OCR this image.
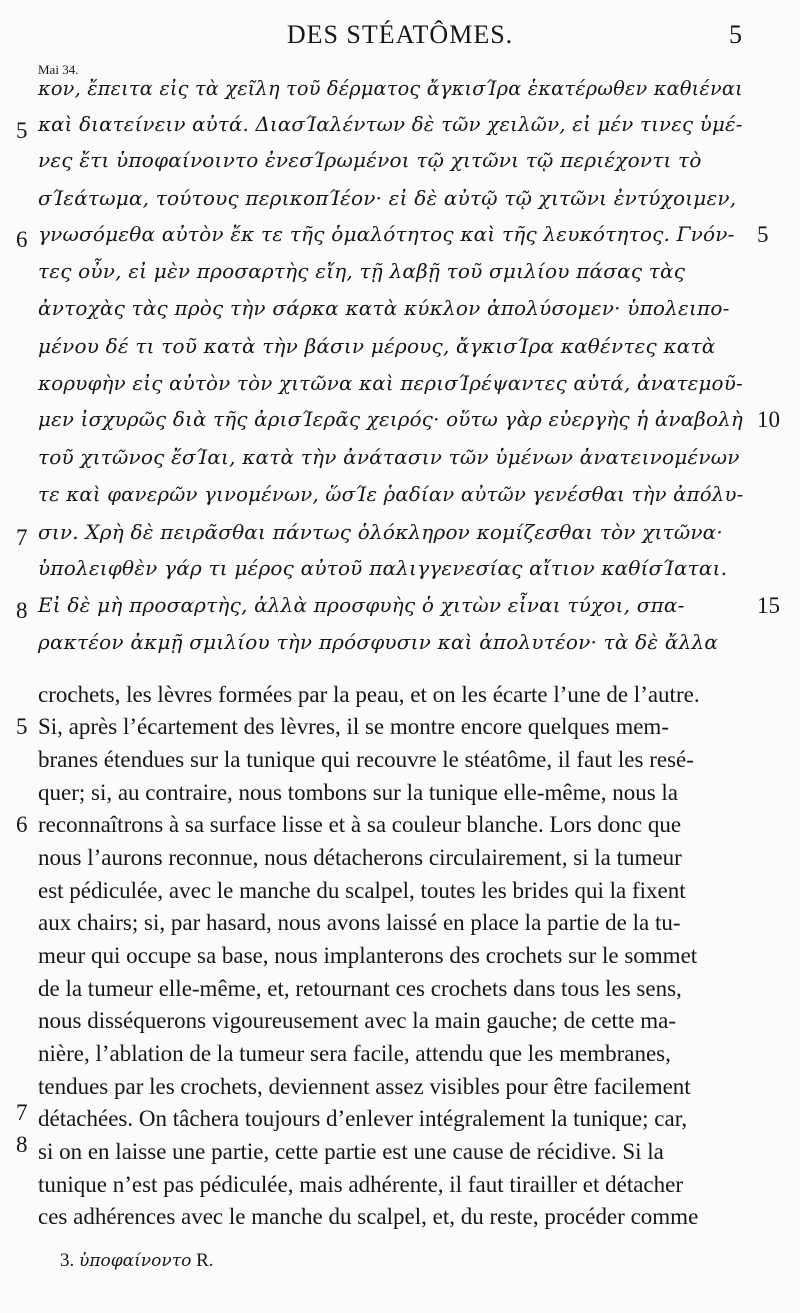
DES STÉATÔMES.	5
Mai 34.
κον, ἔπειτα εἰς τὰ χεῖλη τοῦ δέρματος ἄγκισΊρα ἑκατέρωθεν καθιέναι
καὶ διατείνειν αὐτά. ΔιασΊαλέντων δὲ τῶν χειλῶν, εἰ μέν τινες ὑμέ-
νες ἔτι ὑποφαίνοιντο ἐνεσΊρωμένοι τῷ χιτῶνι τῷ περιέχοντι τὸ
σΊεάτωμα, τούτους περικοπΊέον· εἰ δὲ αὐτῷ τῷ χιτῶνι ἐντύχοιμεν,
γνωσόμεθα αὐτὸν ἔκ τε τῆς ὁμαλότητος καὶ τῆς λευκότητος. Γνόν-
τες οὖν, εἰ μὲν προσαρτὴς εἴη, τῇ λαβῇ τοῦ σμιλίου πάσας τὰς
ἀντοχὰς τὰς πρὸς τὴν σάρκα κατὰ κύκλον ἀπολύσομεν· ὑπολειπο-
μένου δέ τι τοῦ κατὰ τὴν βάσιν μέρους, ἄγκισΊρα καθέντες κατὰ
κορυφὴν εἰς αὐτὸν τὸν χιτῶνα καὶ περισΊρέψαντες αὐτά, ἀνατεμοῦ-
μεν ἰσχυρῶς διὰ τῆς ἀρισΊερᾶς χειρός· οὕτω γὰρ εὐεργὴς ἡ ἀναβολὴ
τοῦ χιτῶνος ἔσΊαι, κατὰ τὴν ἀνάτασιν τῶν ὑμένων ἀνατεινομένων
τε καὶ φανερῶν γινομένων, ὥσΊε ῥαδίαν αὐτῶν γενέσθαι τὴν ἀπόλυ-
σιν. Χρὴ δὲ πειρᾶσθαι πάντως ὁλόκληρον κομίζεσθαι τὸν χιτῶνα·
ὑπολειφθὲν γάρ τι μέρος αὐτοῦ παλιγγενεσίας αἴτιον καθίσΊαται.
Εἰ δὲ μὴ προσαρτὴς, ἀλλὰ προσφυὴς ὁ χιτὼν εἶναι τύχοι, σπα-
ρακτέον ἀκμῇ σμιλίου τὴν πρόσφυσιν καὶ ἀπολυτέον· τὰ δὲ ἄλλα
5
6
7
8
5
10
15
crochets, les lèvres formées par la peau, et on les écarte l’une de l’autre.
Si, après l’écartement des lèvres, il se montre encore quelques mem-
branes étendues sur la tunique qui recouvre le stéatôme, il faut les resé-
quer; si, au contraire, nous tombons sur la tunique elle-même, nous la
reconnaîtrons à sa surface lisse et à sa couleur blanche. Lors donc que
nous l’aurons reconnue, nous détacherons circulairement, si la tumeur
est pédiculée, avec le manche du scalpel, toutes les brides qui la fixent
aux chairs; si, par hasard, nous avons laissé en place la partie de la tu-
meur qui occupe sa base, nous implanterons des crochets sur le sommet
de la tumeur elle-même, et, retournant ces crochets dans tous les sens,
nous disséquerons vigoureusement avec la main gauche; de cette ma-
nière, l’ablation de la tumeur sera facile, attendu que les membranes,
tendues par les crochets, deviennent assez visibles pour être facilement
détachées. On tâchera toujours d’enlever intégralement la tunique; car,
si on en laisse une partie, cette partie est une cause de récidive. Si la
tunique n’est pas pédiculée, mais adhérente, il faut tirailler et détacher
ces adhérences avec le manche du scalpel, et, du reste, procéder comme
5
6
7
8
3. ὑποφαίνοντο R.
